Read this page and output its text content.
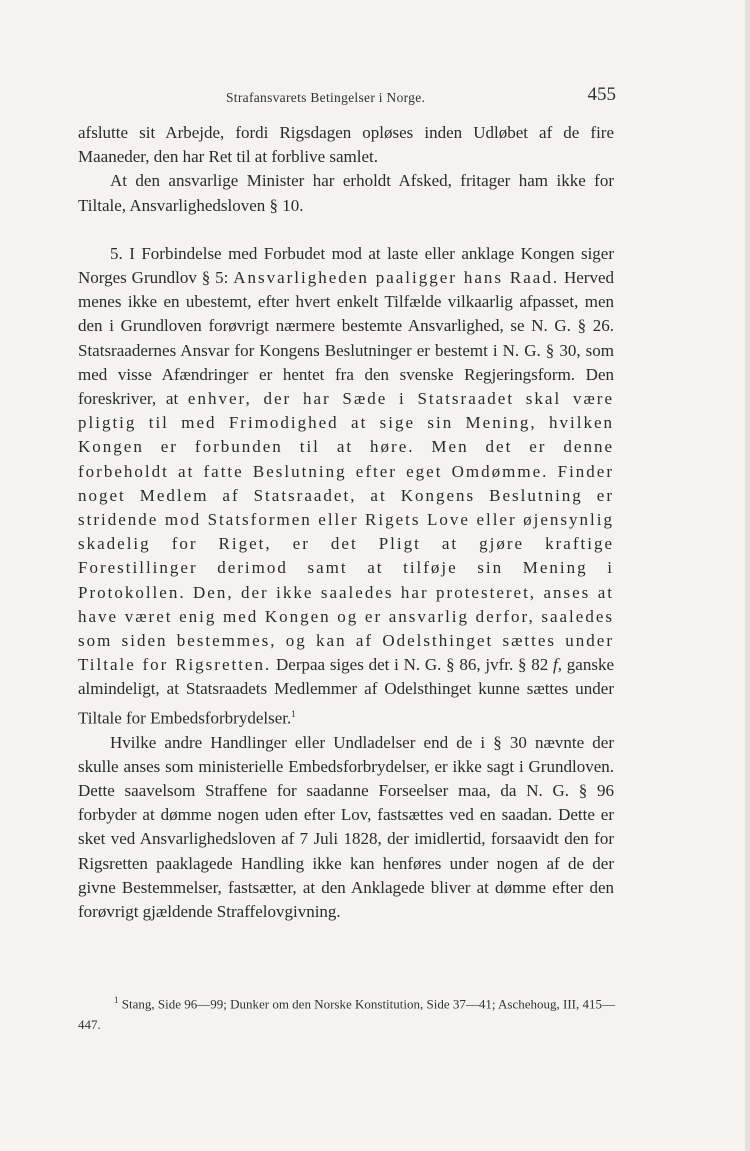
Strafansvarets Betingelser i Norge.	455

afslutte sit Arbejde, fordi Rigsdagen opløses inden Udløbet af de fire Maaneder, den har Ret til at forblive samlet.

At den ansvarlige Minister har erholdt Afsked, fritager ham ikke for Tiltale, Ansvarlighedsloven § 10.

5. I Forbindelse med Forbudet mod at laste eller anklage Kongen siger Norges Grundlov § 5: Ansvarligheden paaligger hans Raad. Herved menes ikke en ubestemt, efter hvert enkelt Tilfælde vilkaarlig afpasset, men den i Grundloven forøvrigt nærmere bestemte Ansvarlighed, se N. G. § 26. Statsraadernes Ansvar for Kongens Beslutninger er bestemt i N. G. § 30, som med visse Afændringer er hentet fra den svenske Regjeringsform. Den foreskriver, at enhver, der har Sæde i Statsraadet skal være pligtig til med Frimodighed at sige sin Mening, hvilken Kongen er forbunden til at høre. Men det er denne forbeholdt at fatte Beslutning efter eget Omdømme. Finder noget Medlem af Statsraadet, at Kongens Beslutning er stridende mod Statsformen eller Rigets Love eller øjensynlig skadelig for Riget, er det Pligt at gjøre kraftige Forestillinger derimod samt at tilføje sin Mening i Protokollen. Den, der ikke saaledes har protesteret, anses at have været enig med Kongen og er ansvarlig derfor, saaledes som siden bestemmes, og kan af Odelsthinget sættes under Tiltale for Rigsretten. Derpaa siges det i N. G. § 86, jvfr. § 82 f, ganske almindeligt, at Statsraadets Medlemmer af Odelsthinget kunne sættes under Tiltale for Embedsforbrydelser.$^1$

Hvilke andre Handlinger eller Undladelser end de i § 30 nævnte der skulle anses som ministerielle Embedsforbrydelser, er ikke sagt i Grundloven. Dette saavelsom Straffene for saadanne Forseelser maa, da N. G. § 96 forbyder at dømme nogen uden efter Lov, fastsættes ved en saadan. Dette er sket ved Ansvarlighedsloven af 7 Juli 1828, der imidlertid, forsaavidt den for Rigsretten paaklagede Handling ikke kan henføres under nogen af de der givne Bestemmelser, fastsætter, at den Anklagede bliver at dømme efter den forøvrigt gjældende Straffelovgivning.

$^1$ Stang, Side 96—99; Dunker om den Norske Konstitution, Side 37—41; Aschehoug, III, 415—447.
